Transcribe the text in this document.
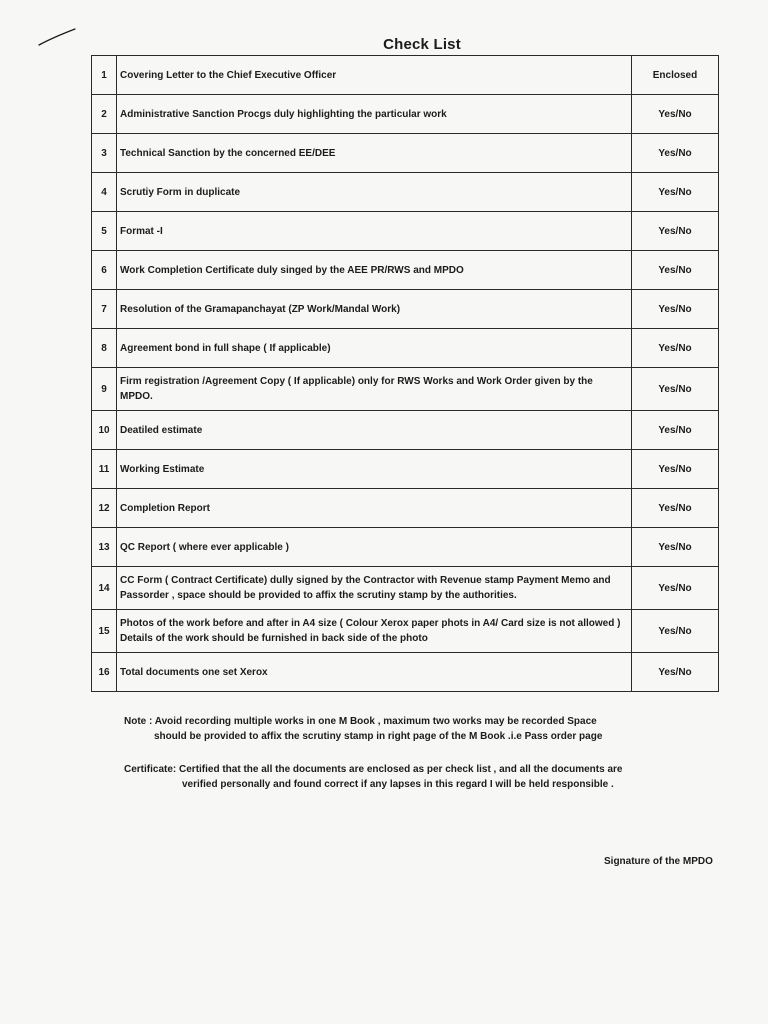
Check List
1	Covering Letter to the Chief Executive Officer	Enclosed
2	Administrative Sanction Procgs duly highlighting the particular work	Yes/No
3	Technical Sanction by the concerned EE/DEE	Yes/No
4	Scrutiy Form in duplicate	Yes/No
5	Format -I	Yes/No
6	Work Completion Certificate duly singed by the AEE PR/RWS and MPDO	Yes/No
7	Resolution of the Gramapanchayat (ZP Work/Mandal Work)	Yes/No
8	Agreement bond in full shape ( If applicable)	Yes/No
9	Firm registration /Agreement Copy ( If applicable) only for RWS Works and Work Order given by the MPDO.	Yes/No
10	Deatiled estimate	Yes/No
11	Working Estimate	Yes/No
12	Completion Report	Yes/No
13	QC Report ( where ever applicable )	Yes/No
14	CC Form ( Contract Certificate) dully signed by the Contractor with Revenue stamp Payment Memo and Passorder , space should be provided to affix the scrutiny stamp by the authorities.	Yes/No
15	Photos of the work before and after in A4 size ( Colour Xerox paper phots in A4/ Card size is not allowed ) Details of the work should be furnished in back side of the photo	Yes/No
16	Total documents one set Xerox	Yes/No
Note : Avoid recording multiple works in one M Book , maximum two works may be recorded Space
should be provided to affix the scrutiny stamp in right page of the M Book .i.e Pass order page
Certificate: Certified that the all the documents are enclosed as per check list , and all the documents are
verified personally and found correct if any lapses in this regard I will be held responsible .
Signature of the MPDO
